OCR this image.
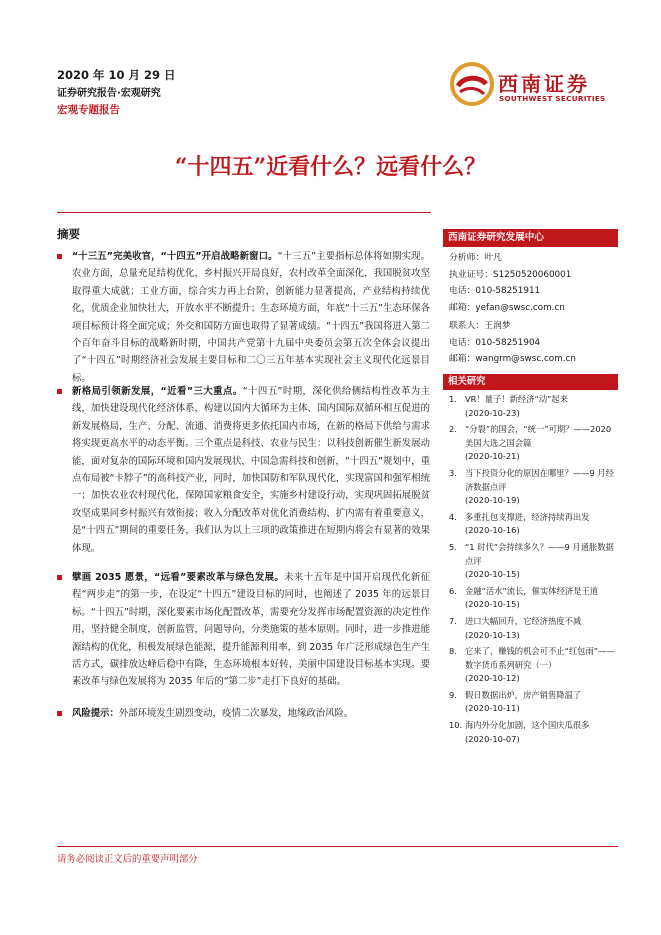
2020 年 10 月 29 日
证券研究报告·宏观研究
宏观专题报告
西南证券
SOUTHWEST SECURITIES
“十四五”近看什么？远看什么？
摘要
“十三五”完美收官，“十四五”开启战略新窗口。“十三五”主要指标总体将如期实现。农业方面，总量充足结构优化，乡村振兴开局良好，农村改革全面深化，我国脱贫攻坚取得重大成就；工业方面，综合实力再上台阶，创新能力显著提高，产业结构持续优化，优质企业加快壮大，开放水平不断提升；生态环境方面，年底“十三五”生态环保各项目标预计将全面完成；外交和国防方面也取得了显著成绩。“十四五”我国将进入第二个百年奋斗目标的战略新时期，中国共产党第十九届中央委员会第五次全体会议提出了“十四五”时期经济社会发展主要目标和二〇三五年基本实现社会主义现代化远景目标。
新格局引领新发展，“近看”三大重点。“十四五”时期，深化供给侧结构性改革为主线，加快建设现代化经济体系，构建以国内大循环为主体、国内国际双循环相互促进的新发展格局，生产、分配、流通、消费将更多依托国内市场，在新的格局下供给与需求将实现更高水平的动态平衡。三个重点是科技、农业与民生：以科技创新催生新发展动能，面对复杂的国际环境和国内发展现状，中国急需科技和创新，“十四五”规划中，重点布局被“卡脖子”的高科技产业，同时，加快国防和军队现代化，实现富国和强军相统一；加快农业农村现代化，保障国家粮食安全，实施乡村建设行动，实现巩固拓展脱贫攻坚成果同乡村振兴有效衔接；收入分配改革对优化消费结构、扩内需有着重要意义，是“十四五”期间的重要任务，我们认为以上三项的政策推进在短期内将会有显著的效果体现。
擘画 2035 愿景，“远看”要素改革与绿色发展。未来十五年是中国开启现代化新征程“两步走”的第一步，在设定“十四五”建设目标的同时，也阐述了 2035 年的远景目标。“十四五”时期，深化要素市场化配置改革，需要充分发挥市场配置资源的决定性作用，坚持健全制度，创新监管，问题导向，分类施策的基本原则。同时，进一步推进能源结构的优化，积极发展绿色能源，提升能源利用率，到 2035 年广泛形成绿色生产生活方式，碳排放达峰后稳中有降，生态环境根本好转，美丽中国建设目标基本实现。要素改革与绿色发展将为 2035 年后的“第二步”走打下良好的基础。
风险提示：外部环境发生剧烈变动，疫情二次暴发，地缘政治风险。
西南证券研究发展中心
分析师：叶凡
执业证号：S1250520060001
电话：010-58251911
邮箱：yefan@swsc.com.cn
联系人：王润梦
电话：010-58251904
邮箱：wangrm@swsc.com.cn
相关研究
1. VR！量子！新经济“动”起来
(2020-10-23)
2. “分裂”的国会，“统一”可期？——2020 美国大选之国会篇
(2020-10-21)
3. 当下投资分化的原因在哪里？——9 月经济数据点评
(2020-10-19)
4. 多重扎包支撑进，经济持续再出发
(2020-10-16)
5. “1 时代”会持续多久？——9 月通胀数据点评
(2020-10-15)
6. 金融“活水”流长，催实体经济是王道
(2020-10-15)
7. 进口大幅回升，它经济热度不减
(2020-10-13)
8. 它来了，赚钱的机会可不止“红包雨”——数字货币系列研究（一）
(2020-10-12)
9. 假日数据出炉，房产销售降温了
(2020-10-11)
10. 海内外分化加剧，这个国庆瓜很多
(2020-10-07)
请务必阅读正文后的重要声明部分
